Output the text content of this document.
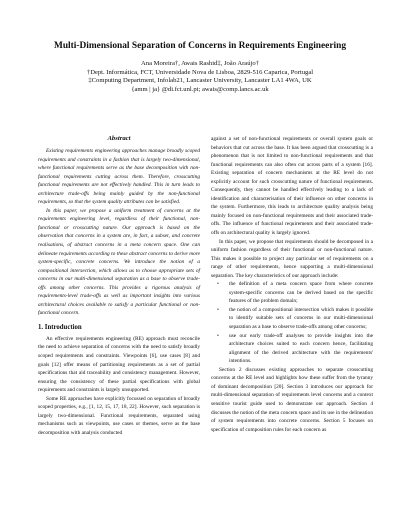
Multi-Dimensional Separation of Concerns in Requirements Engineering
Ana Moreira†, Awais Rashid‡, João Araújo†
†Dept. Informática, FCT, Universidade Nova de Lisboa, 2829-516 Caparica, Portugal
‡Computing Department, Infolab21, Lancaster University, Lancaster LA1 4WA, UK
{amm | ja} @di.fct.unl.pt; awais@comp.lancs.ac.uk
Abstract

Existing requirements engineering approaches manage broadly scoped requirements and constraints in a fashion that is largely two-dimensional, where functional requirements serve as the base decomposition with non-functional requirements cutting across them. Therefore, crosscutting functional requirements are not effectively handled. This in turn leads to architecture trade-offs being mainly guided by the non-functional requirements, so that the system quality attributes can be satisfied.

In this paper, we propose a uniform treatment of concerns at the requirements engineering level, regardless of their functional, non-functional or crosscutting nature. Our approach is based on the observation that concerns in a system are, in fact, a subset, and concrete realisations, of abstract concerns in a meta concern space. One can delineate requirements according to these abstract concerns to derive more system-specific, concrete concerns. We introduce the notion of a compositional intersection, which allows us to choose appropriate sets of concerns in our multi-dimensional separation as a base to observe trade-offs among other concerns. This provides a rigorous analysis of requirements-level trade-offs as well as important insights into various architectural choices available to satisfy a particular functional or non-functional concern.

1. Introduction

An effective requirements engineering (RE) approach must reconcile the need to achieve separation of concerns with the need to satisfy broadly scoped requirements and constraints. Viewpoints [6], use cases [8] and goals [12] offer means of partitioning requirements as a set of partial specifications that aid traceability and consistency management. However, ensuring the consistency of these partial specifications with global requirements and constraints is largely unsupported.

Some RE approaches have explicitly focussed on separation of broadly scoped properties, e.g., [1, 12, 15, 17, 18, 22]. However, such separation is largely two-dimensional. Functional requirements, separated using mechanisms such as viewpoints, use cases or themes, serve as the base decomposition with analysis conducted

against a set of non-functional requirements or overall system goals or behaviors that cut across the base. It has been argued that crosscutting is a phenomenon that is not limited to non-functional requirements and that functional requirements can also often cut across parts of a system [16]. Existing separation of concern mechanisms at the RE level do not explicitly account for such crosscutting nature of functional requirements. Consequently, they cannot be handled effectively leading to a lack of identification and characterisation of their influence on other concerns in the system. Furthermore, this leads to architecture quality analysis being mainly focused on non-functional requirements and their associated trade-offs. The influence of functional requirements and their associated trade-offs on architectural quality is largely ignored.

In this paper, we propose that requirements should be decomposed in a uniform fashion regardless of their functional or non-functional nature. This makes it possible to project any particular set of requirements on a range of other requirements, hence supporting a multi-dimensional separation. The key characteristics of our approach include:

• the definition of a meta concern space from where concrete system-specific concerns can be derived based on the specific features of the problem domain;
• the notion of a compositional intersection which makes it possible to identify suitable sets of concerns in our multi-dimensional separation as a base to observe trade-offs among other concerns;
• use our early trade-off analyses to provide insights into the architecture choices suited to each concern hence, facilitating alignment of the derived architecture with the requirements' intentions.

Section 2 discusses existing approaches to separate crosscutting concerns at the RE level and highlights how these suffer from the tyranny of dominant decomposition [20]. Section 3 introduces our approach for multi-dimensional separation of requirements level concerns and a context sensitive tourist guide used to demonstrate our approach. Section 4 discusses the notion of the meta concern space and its use in the delineation of system requirements into concrete concerns. Section 5 focuses on specification of composition rules for each concern as
